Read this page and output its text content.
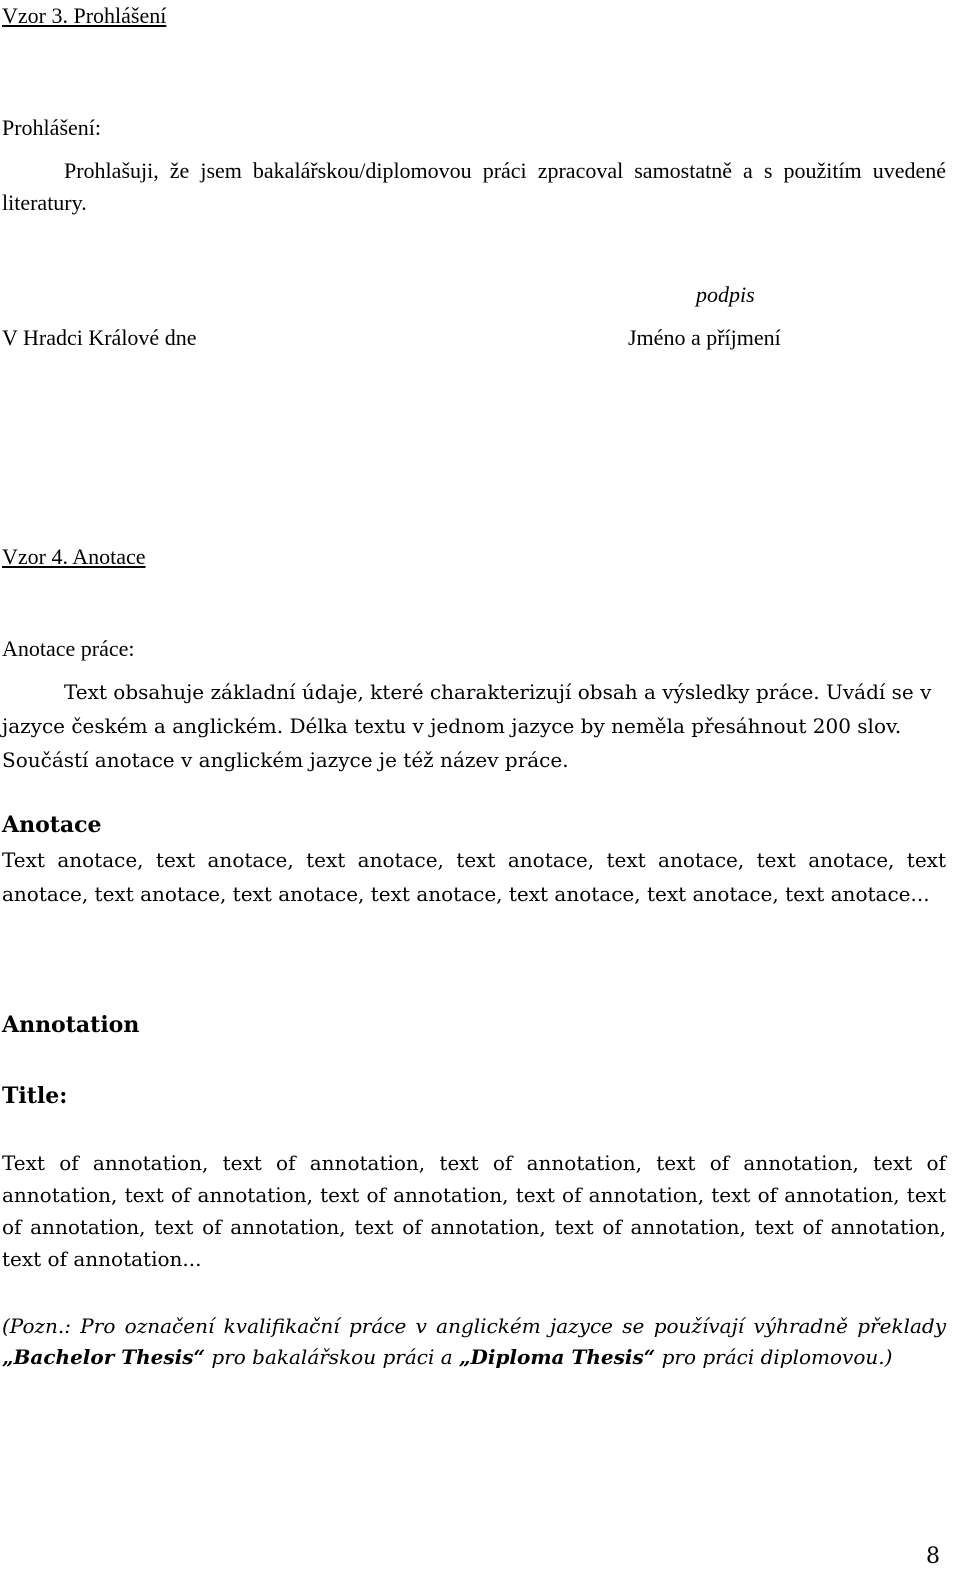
Vzor 3. Prohlášení
Prohlášení:

Prohlašuji, že jsem bakalářskou/diplomovou práci zpracoval samostatně a s použitím uvedené literatury.

podpis
V Hradci Králové dne	Jméno a příjmení
Vzor 4. Anotace
Anotace práce:

Text obsahuje základní údaje, které charakterizují obsah a výsledky práce. Uvádí se v jazyce českém a anglickém. Délka textu v jednom jazyce by neměla přesáhnout 200 slov. Součástí anotace v anglickém jazyce je též název práce.

Anotace

Text anotace, text anotace, text anotace, text anotace, text anotace, text anotace, text anotace, text anotace, text anotace, text anotace, text anotace, text anotace, text anotace...

Annotation
Title:

Text of annotation, text of annotation, text of annotation, text of annotation, text of annotation, text of annotation, text of annotation, text of annotation, text of annotation, text of annotation, text of annotation, text of annotation, text of annotation, text of annotation, text of annotation...

(Pozn.: Pro označení kvalifikační práce v anglickém jazyce se používají výhradně překlady „Bachelor Thesis“ pro bakalářskou práci a „Diploma Thesis“ pro práci diplomovou.)

8
